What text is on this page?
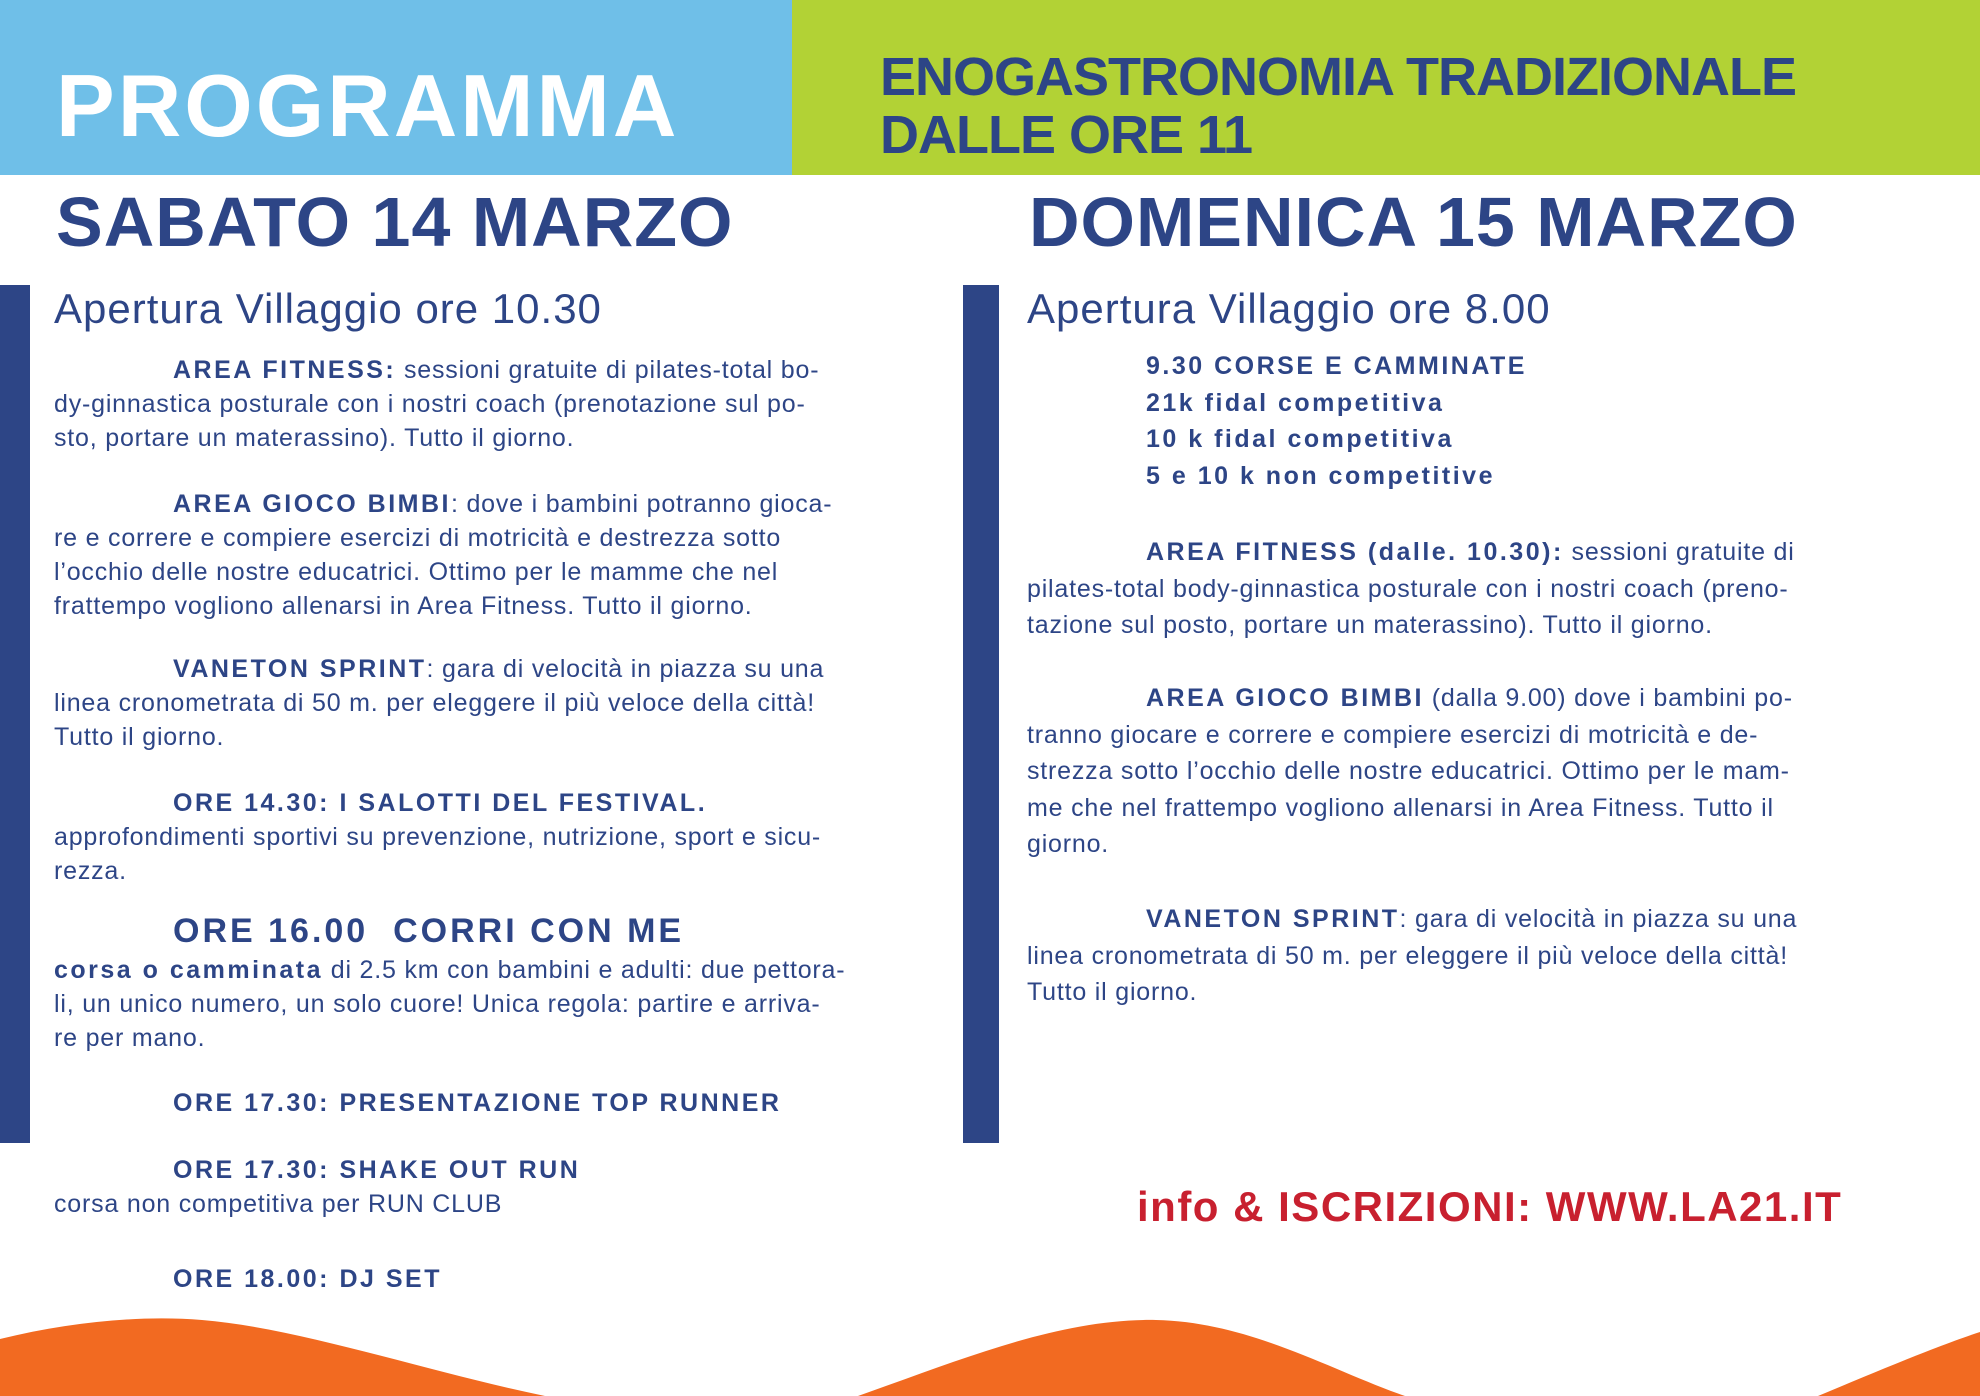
PROGRAMMA	ENOGASTRONOMIA TRADIZIONALE
DALLE ORE 11
SABATO 14 MARZO	DOMENICA 15 MARZO
Apertura Villaggio ore 10.30	Apertura Villaggio ore 8.00
AREA FITNESS: sessioni gratuite di pilates-total bo-
dy-ginnastica posturale con i nostri coach (prenotazione sul po-
sto, portare un materassino). Tutto il giorno.
AREA GIOCO BIMBI: dove i bambini potranno gioca-
re e correre e compiere esercizi di motricità e destrezza sotto
l’occhio delle nostre educatrici. Ottimo per le mamme che nel
frattempo vogliono allenarsi in Area Fitness. Tutto il giorno.
VANETON SPRINT: gara di velocità in piazza su una
linea cronometrata di 50 m. per eleggere il più veloce della città!
Tutto il giorno.
ORE 14.30: I SALOTTI DEL FESTIVAL.
approfondimenti sportivi su prevenzione, nutrizione, sport e sicu-
rezza.
corsa o camminata di 2.5 km con bambini e adulti: due pettora-
li, un unico numero, un solo cuore! Unica regola: partire e arriva-
re per mano.
ORE 17.30: PRESENTAZIONE TOP RUNNER
ORE 17.30: SHAKE OUT RUN
corsa non competitiva per RUN CLUB
ORE 18.00: DJ SET
ORE 16.00  CORRI CON ME
9.30 CORSE E CAMMINATE
21k fidal competitiva
10 k fidal competitiva
5 e 10 k non competitive
AREA FITNESS (dalle. 10.30): sessioni gratuite di
pilates-total body-ginnastica posturale con i nostri coach (preno-
tazione sul posto, portare un materassino). Tutto il giorno.
AREA GIOCO BIMBI (dalla 9.00) dove i bambini po-
tranno giocare e correre e compiere esercizi di motricità e de-
strezza sotto l’occhio delle nostre educatrici. Ottimo per le mam-
me che nel frattempo vogliono allenarsi in Area Fitness. Tutto il
giorno.
VANETON SPRINT: gara di velocità in piazza su una
linea cronometrata di 50 m. per eleggere il più veloce della città!
Tutto il giorno.
info & ISCRIZIONI: WWW.LA21.IT
